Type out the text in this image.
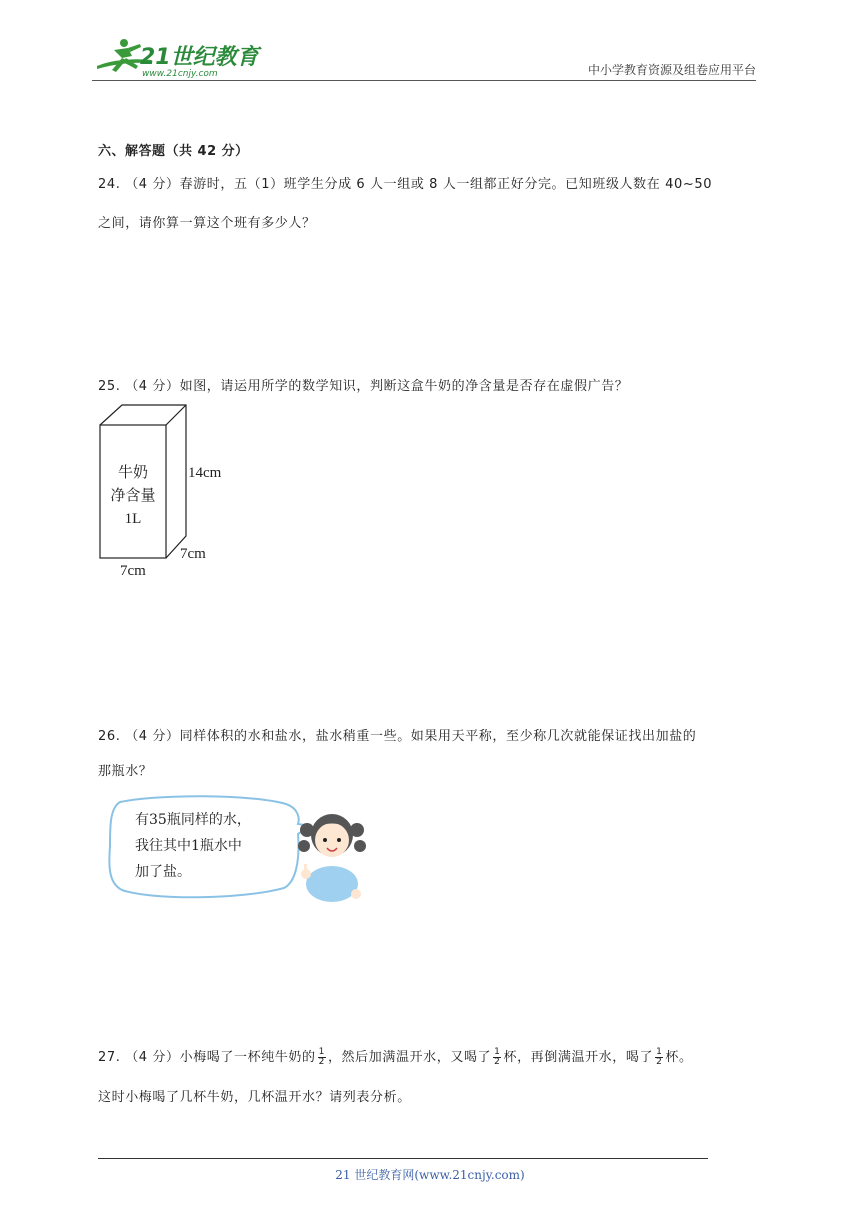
21世纪教育
www.21cnjy.com	中小学教育资源及组卷应用平台
六、解答题（共 42 分）
24. （4 分）春游时，五（1）班学生分成 6 人一组或 8 人一组都正好分完。已知班级人数在 40~50
之间，请你算一算这个班有多少人？
25. （4 分）如图，请运用所学的数学知识，判断这盒牛奶的净含量是否存在虚假广告？
牛奶
净含量
1L
14cm
7cm
7cm
26. （4 分）同样体积的水和盐水，盐水稍重一些。如果用天平称，至少称几次就能保证找出加盐的
那瓶水？
有35瓶同样的水，
我往其中1瓶水中
加了盐。
27. （4 分）小梅喝了一杯纯牛奶的 $\frac{1}{2}$ ，然后加满温开水，又喝了 $\frac{1}{2}$ 杯，再倒满温开水，喝了 $\frac{1}{2}$ 杯。
这时小梅喝了几杯牛奶，几杯温开水？请列表分析。
21 世纪教育网(www.21cnjy.com)
